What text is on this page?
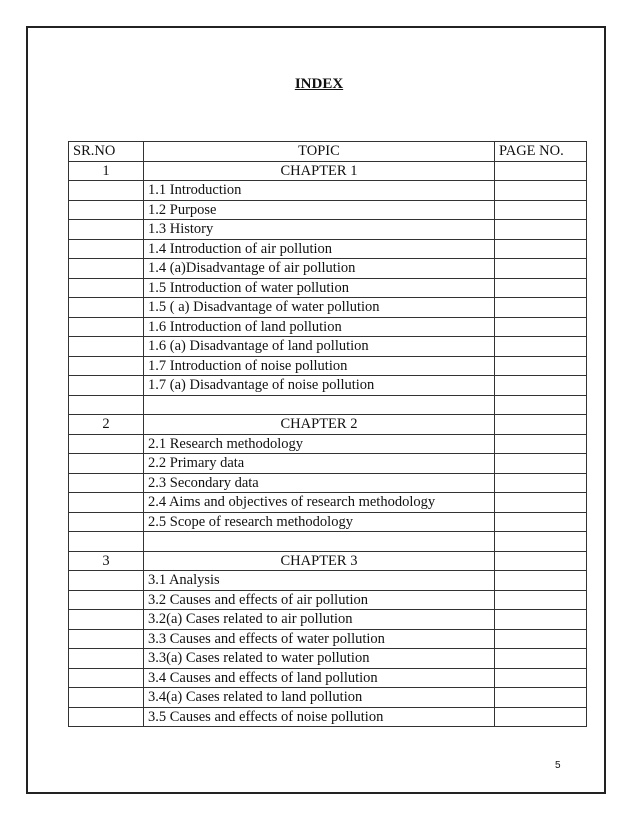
INDEX
SR.NO	TOPIC	PAGE NO.
1	CHAPTER 1	
	1.1 Introduction	
	1.2 Purpose	
	1.3 History	
	1.4 Introduction of air pollution	
	1.4 (a)Disadvantage of air pollution	
	1.5 Introduction of water pollution	
	1.5 ( a) Disadvantage of water pollution	
	1.6 Introduction of land pollution	
	1.6 (a) Disadvantage of land pollution	
	1.7 Introduction of noise pollution	
	1.7 (a) Disadvantage of noise pollution	

2	CHAPTER 2	
	2.1 Research methodology	
	2.2 Primary data	
	2.3 Secondary data	
	2.4 Aims and objectives of research methodology	
	2.5 Scope of research methodology	

3	CHAPTER 3	
	3.1 Analysis	
	3.2 Causes and effects of air pollution	
	3.2(a) Cases related to air pollution	
	3.3 Causes and effects of water pollution	
	3.3(a) Cases related to water pollution	
	3.4 Causes and effects of land pollution	
	3.4(a) Cases related to land pollution	
	3.5 Causes and effects of noise pollution	
5
